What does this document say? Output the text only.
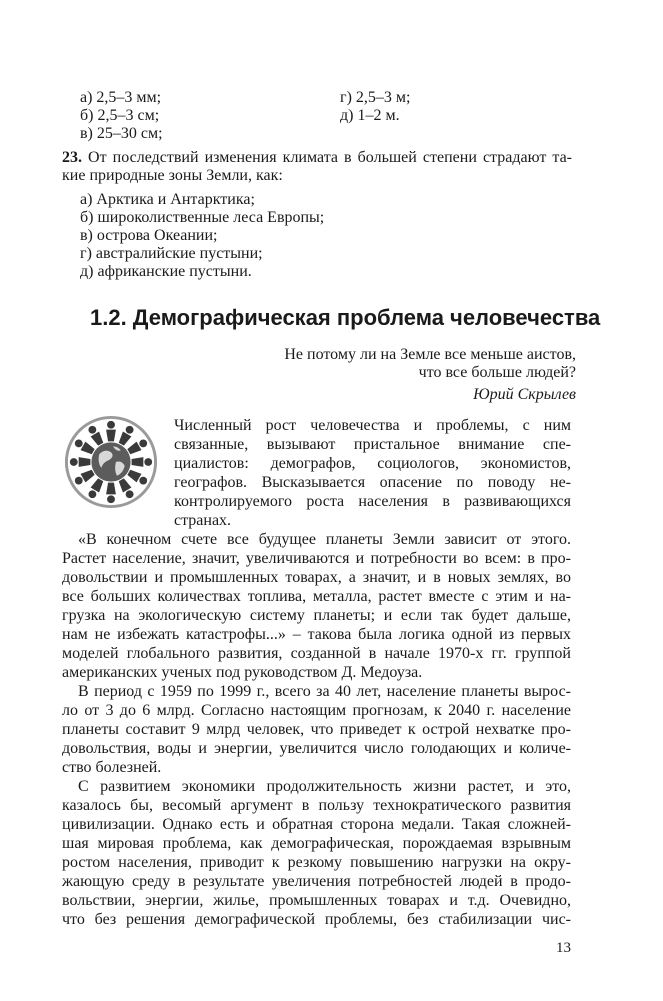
а) 2,5–3 мм;
б) 2,5–3 см;
в) 25–30 см;
г) 2,5–3 м;
д) 1–2 м.
23. От последствий изменения климата в большей степени страдают та-
кие природные зоны Земли, как:
а) Арктика и Антарктика;
б) широколиственные леса Европы;
в) острова Океании;
г) австралийские пустыни;
д) африканские пустыни.
1.2. Демографическая проблема человечества
Не потому ли на Земле все меньше аистов,
что все больше людей?
Юрий Скрылев
Численный рост человечества и проблемы, с ним
связанные, вызывают пристальное внимание спе-
циалистов: демографов, социологов, экономистов,
географов. Высказывается опасение по поводу не-
контролируемого роста населения в развивающихся
странах.
«В конечном счете все будущее планеты Земли зависит от этого.
Растет население, значит, увеличиваются и потребности во всем: в про-
довольствии и промышленных товарах, а значит, и в новых землях, во
все больших количествах топлива, металла, растет вместе с этим и на-
грузка на экологическую систему планеты; и если так будет дальше,
нам не избежать катастрофы...» – такова была логика одной из первых
моделей глобального развития, созданной в начале 1970-х гг. группой
американских ученых под руководством Д. Медоуза.
В период с 1959 по 1999 г., всего за 40 лет, население планеты вырос-
ло от 3 до 6 млрд. Согласно настоящим прогнозам, к 2040 г. население
планеты составит 9 млрд человек, что приведет к острой нехватке про-
довольствия, воды и энергии, увеличится число голодающих и количе-
ство болезней.
С развитием экономики продолжительность жизни растет, и это,
казалось бы, весомый аргумент в пользу технократического развития
цивилизации. Однако есть и обратная сторона медали. Такая сложней-
шая мировая проблема, как демографическая, порождаемая взрывным
ростом населения, приводит к резкому повышению нагрузки на окру-
жающую среду в результате увеличения потребностей людей в продо-
вольствии, энергии, жилье, промышленных товарах и т.д. Очевидно,
что без решения демографической проблемы, без стабилизации чис-
13
